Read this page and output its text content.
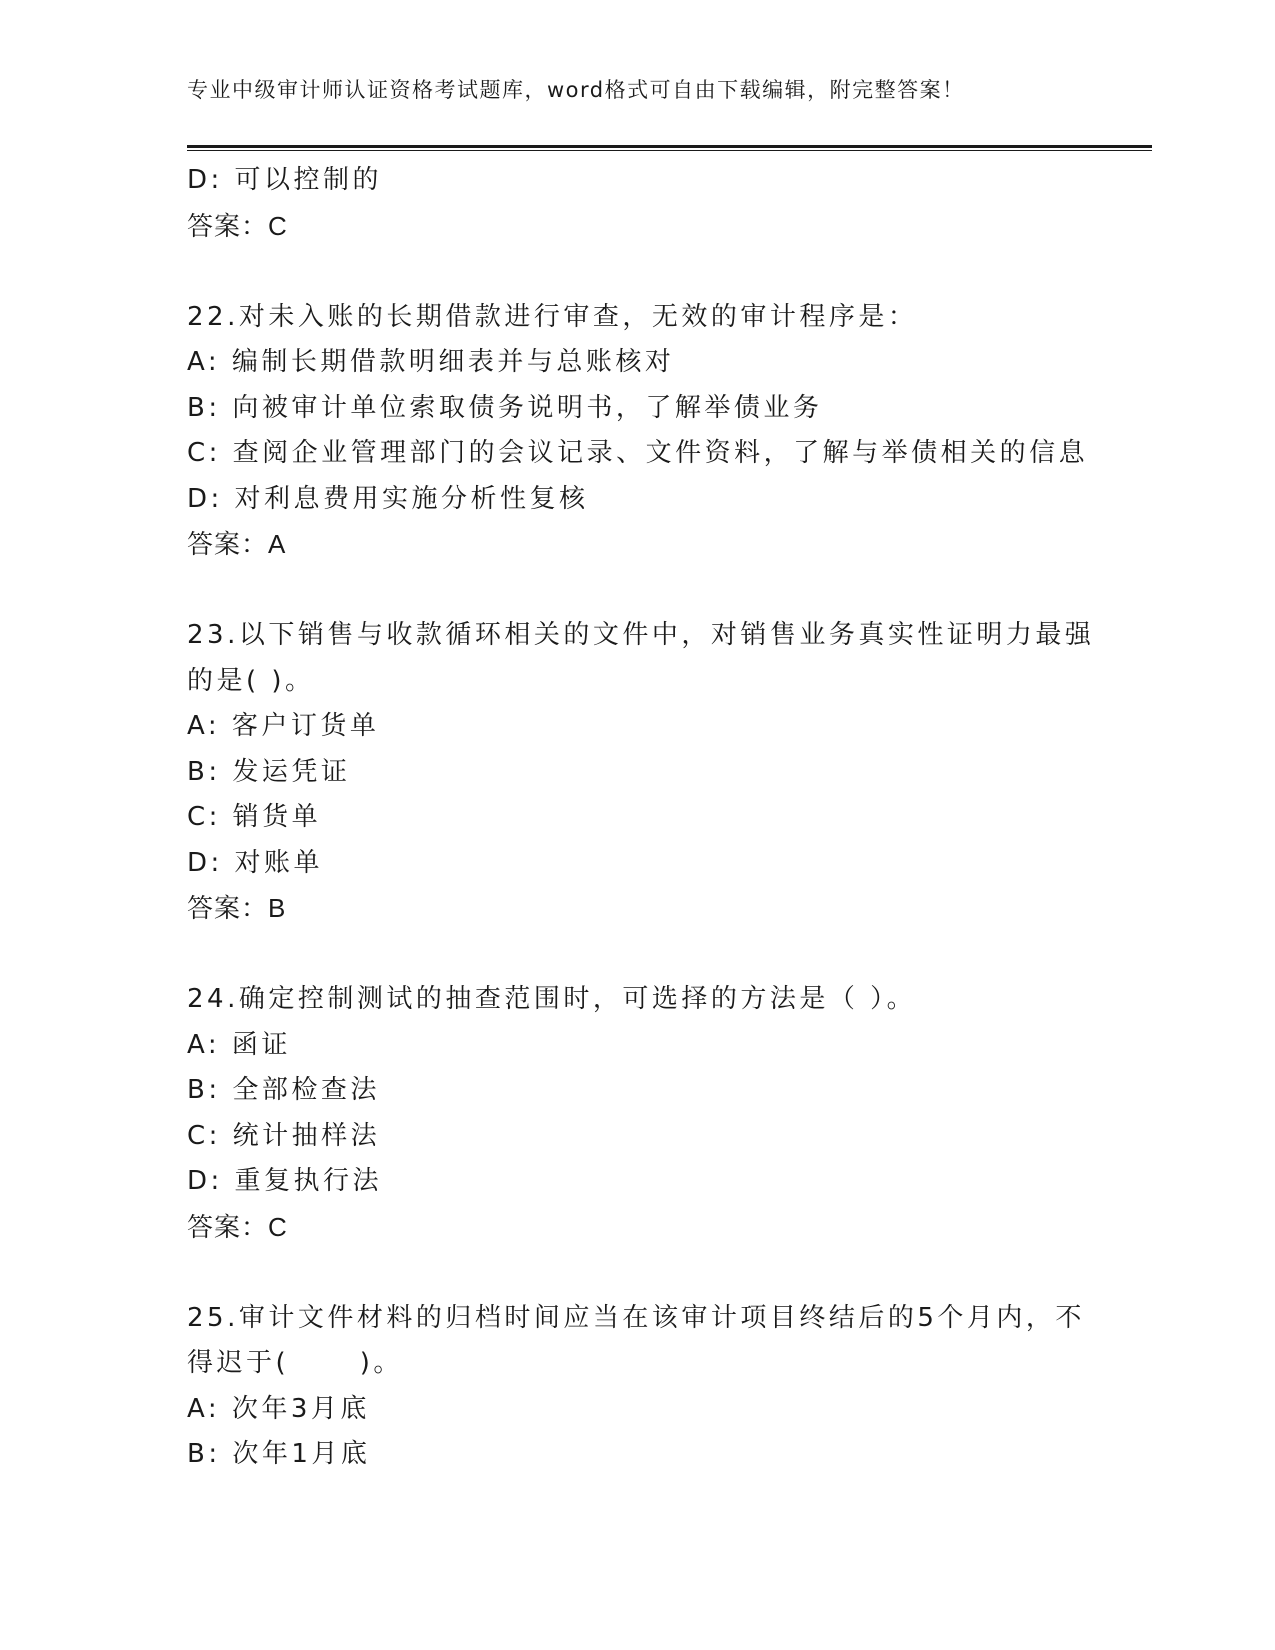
专业中级审计师认证资格考试题库，word格式可自由下载编辑，附完整答案！
D: 可以控制的
答案：C
22.对未入账的长期借款进行审查，无效的审计程序是：
A: 编制长期借款明细表并与总账核对
B: 向被审计单位索取债务说明书，了解举债业务
C: 查阅企业管理部门的会议记录、文件资料，了解与举债相关的信息
D: 对利息费用实施分析性复核
答案：A
23.以下销售与收款循环相关的文件中，对销售业务真实性证明力最强
的是( )。
A: 客户订货单
B: 发运凭证
C: 销货单
D: 对账单
答案：B
24.确定控制测试的抽查范围时，可选择的方法是（ ）。
A: 函证
B: 全部检查法
C: 统计抽样法
D: 重复执行法
答案：C
25.审计文件材料的归档时间应当在该审计项目终结后的5个月内，不
得迟于(      )。
A: 次年3月底
B: 次年1月底
